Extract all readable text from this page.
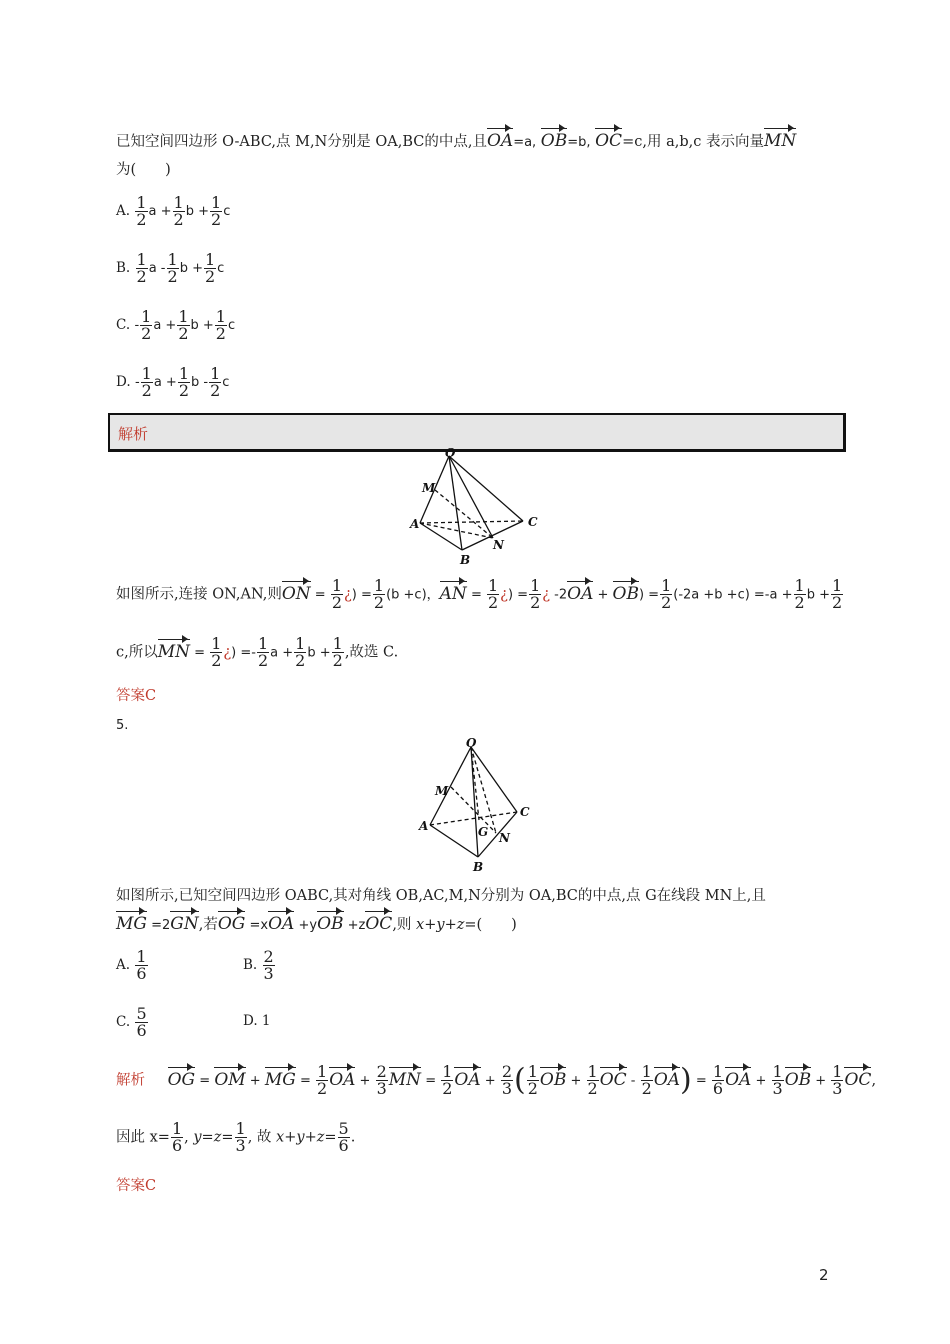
已知空间四边形 O-ABC,点 M,N分别是 OA,BC的中点,且OA=a, OB=b, OC=c,用 a,b,c 表示向量MN
为(　　)
A. $\frac{1}{2}$ $a + \frac{1}{2}$ $b + \frac{1}{2}$ c
B. $\frac{1}{2}$ a - $\frac{1}{2}$ $b + \frac{1}{2}$ c
C. - $\frac{1}{2}$ $a + \frac{1}{2}$ $b + \frac{1}{2}$ c
D. - $\frac{1}{2}$ $a + \frac{1}{2}$ b - $\frac{1}{2}$ c
解析
O
M
A	C
N
B
如图所示,连接 ON,AN,则ON = $\frac{1}{2}$ ¿) = $\frac{1}{2} (b +c)$，AN = $\frac{1}{2}$ ¿) = $\frac{1}{2}$ ¿ $-2OA + OB) = \frac{1}{2} (-2a +b +c) =-a + \frac{1}{2}$ $b + \frac{1}{2}$
c,所以MN = $\frac{1}{2}$ ¿) =- $\frac{1}{2}$ $a + \frac{1}{2}$ $b + \frac{1}{2}$ ,故选 C.
答案C
5.
O
M
A
C
G N
B
如图所示,已知空间四边形 OABC,其对角线 OB,AC,M,N分别为 OA,BC的中点,点 G在线段 MN上,且
MG =2GN,若OG =xOA +yOB +zOC,则 x+y+z=(　　)
A. $\frac{1}{6}$	B. $\frac{2}{3}$
C. $\frac{5}{6}$	D. 1
解析 OG = OM + MG = $\frac{1}{2}$ OA + $\frac{2}{3}$ MN = $\frac{1}{2}$ OA + $\frac{2}{3}$ ( $\frac{1}{2}$ OB + $\frac{1}{2}$ OC - $\frac{1}{2} OA) = \frac{1}{6}$ OA + $\frac{1}{3}$ OB + $\frac{1}{3}$ OC,
因此 $x= \frac{1}{6}$ , $y=z= \frac{1}{3}$ , 故 $x+y+z= \frac{5}{6}$ .
答案C
2
